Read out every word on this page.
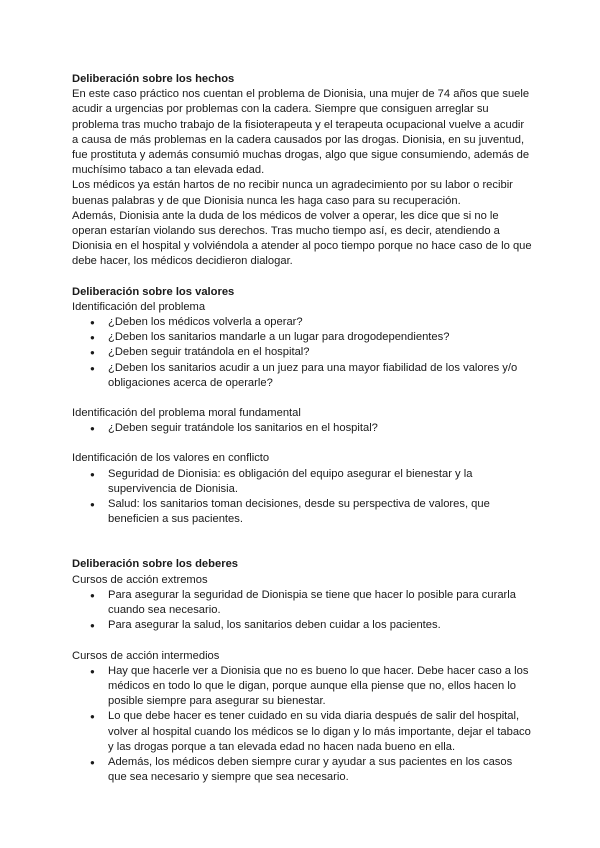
Deliberación sobre los hechos

En este caso práctico nos cuentan el problema de Dionisia, una mujer de 74 años que suele acudir a urgencias por problemas con la cadera. Siempre que consiguen arreglar su problema tras mucho trabajo de la fisioterapeuta y el terapeuta ocupacional vuelve a acudir a causa de más problemas en la cadera causados por las drogas. Dionisia, en su juventud, fue prostituta y además consumió muchas drogas, algo que sigue consumiendo, además de muchísimo tabaco a tan elevada edad.

Los médicos ya están hartos de no recibir nunca un agradecimiento por su labor o recibir buenas palabras y de que Dionisia nunca les haga caso para su recuperación.

Además, Dionisia ante la duda de los médicos de volver a operar, les dice que si no le operan estarían violando sus derechos. Tras mucho tiempo así, es decir, atendiendo a Dionisia en el hospital y volviéndola a atender al poco tiempo porque no hace caso de lo que debe hacer, los médicos decidieron dialogar.

Deliberación sobre los valores

Identificación del problema

● ¿Deben los médicos volverla a operar?
● ¿Deben los sanitarios mandarle a un lugar para drogodependientes?
● ¿Deben seguir tratándola en el hospital?
● ¿Deben los sanitarios acudir a un juez para una mayor fiabilidad de los valores y/o obligaciones acerca de operarle?

Identificación del problema moral fundamental

● ¿Deben seguir tratándole los sanitarios en el hospital?

Identificación de los valores en conflicto

● Seguridad de Dionisia: es obligación del equipo asegurar el bienestar y la supervivencia de Dionisia.
● Salud: los sanitarios toman decisiones, desde su perspectiva de valores, que beneficien a sus pacientes.
Deliberación sobre los deberes

Cursos de acción extremos

● Para asegurar la seguridad de Dionispia se tiene que hacer lo posible para curarla cuando sea necesario.
● Para asegurar la salud, los sanitarios deben cuidar a los pacientes.

Cursos de acción intermedios

● Hay que hacerle ver a Dionisia que no es bueno lo que hacer. Debe hacer caso a los médicos en todo lo que le digan, porque aunque ella piense que no, ellos hacen lo posible siempre para asegurar su bienestar.
● Lo que debe hacer es tener cuidado en su vida diaria después de salir del hospital, volver al hospital cuando los médicos se lo digan y lo más importante, dejar el tabaco y las drogas porque a tan elevada edad no hacen nada bueno en ella.
● Además, los médicos deben siempre curar y ayudar a sus pacientes en los casos que sea necesario y siempre que sea necesario.
